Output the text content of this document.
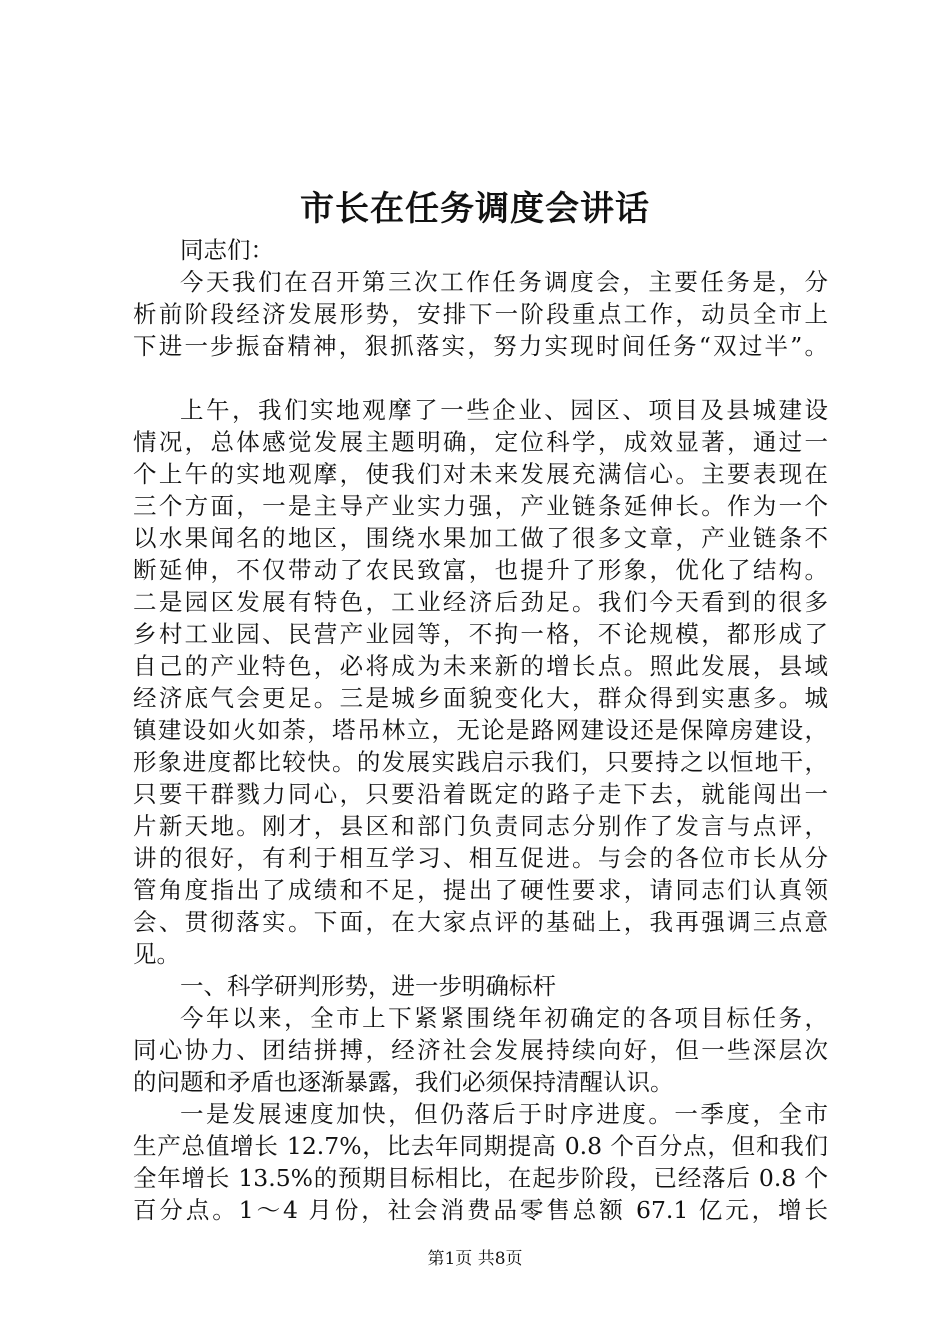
市长在任务调度会讲话
同志们：
今天我们在召开第三次工作任务调度会，主要任务是，分
析前阶段经济发展形势，安排下一阶段重点工作，动员全市上
下进一步振奋精神，狠抓落实，努力实现时间任务“双过半”。
上午，我们实地观摩了一些企业、园区、项目及县城建设
情况，总体感觉发展主题明确，定位科学，成效显著，通过一
个上午的实地观摩，使我们对未来发展充满信心。主要表现在
三个方面，一是主导产业实力强，产业链条延伸长。作为一个
以水果闻名的地区，围绕水果加工做了很多文章，产业链条不
断延伸，不仅带动了农民致富，也提升了形象，优化了结构。
二是园区发展有特色，工业经济后劲足。我们今天看到的很多
乡村工业园、民营产业园等，不拘一格，不论规模，都形成了
自己的产业特色，必将成为未来新的增长点。照此发展，县域
经济底气会更足。三是城乡面貌变化大，群众得到实惠多。城
镇建设如火如荼，塔吊林立，无论是路网建设还是保障房建设，
形象进度都比较快。的发展实践启示我们，只要持之以恒地干，
只要干群戮力同心，只要沿着既定的路子走下去，就能闯出一
片新天地。刚才，县区和部门负责同志分别作了发言与点评，
讲的很好，有利于相互学习、相互促进。与会的各位市长从分
管角度指出了成绩和不足，提出了硬性要求，请同志们认真领
会、贯彻落实。下面，在大家点评的基础上，我再强调三点意
见。
一、科学研判形势，进一步明确标杆
今年以来，全市上下紧紧围绕年初确定的各项目标任务，
同心协力、团结拼搏，经济社会发展持续向好，但一些深层次
的问题和矛盾也逐渐暴露，我们必须保持清醒认识。
一是发展速度加快，但仍落后于时序进度。一季度，全市
生产总值增长 12.7%，比去年同期提高 0.8 个百分点，但和我们
全年增长 13.5%的预期目标相比，在起步阶段，已经落后 0.8 个
百分点。1～4 月份，社会消费品零售总额 67.1 亿元，增长
第1页 共8页
